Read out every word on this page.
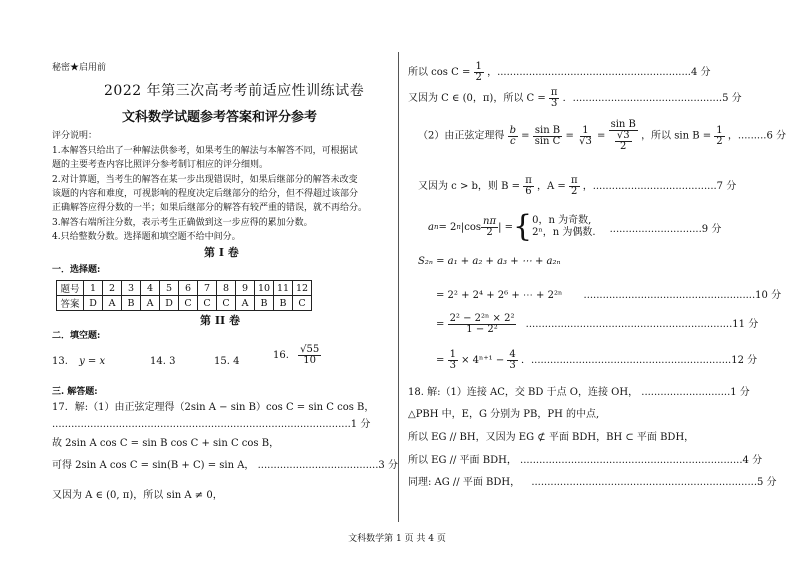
秘密★启用前
2022 年第三次高考考前适应性训练试卷
文科数学试题参考答案和评分参考
评分说明：
1.本解答只给出了一种解法供参考，如果考生的解法与本解答不同，可根据试
题的主要考查内容比照评分参考制订相应的评分细则。
2.对计算题，当考生的解答在某一步出现错误时，如果后继部分的解答未改变
该题的内容和难度，可视影响的程度决定后继部分的给分，但不得超过该部分
正确解答应得分数的一半；如果后继部分的解答有较严重的错误，就不再给分。
3.解答右端所注分数，表示考生正确做到这一步应得的累加分数。
4.只给整数分数。选择题和填空题不给中间分。
第 I 卷
一．选择题:
题号	1	2	3	4	5	6	7	8	9	10	11	12
答案	D	A	B	A	D	C	C	C	A	B	B	C
第 II 卷
二．填空题:
13. y = x	14. 3	15. 4
16. $\frac{√55}{10}$
三. 解答题:
17．解:（1）由正弦定理得（2sin A − sin B）cos C = sin C cos B，
..............................................................................................1 分
故 2sin A cos C = sin B cos C + sin C cos B，
可得 2sin A cos C = sin(B + C) = sin A， ......................................3 分
又因为 A ∈ (0, π)，所以 sin A ≠ 0，
所以 $\cos C = \frac{1}{2}$ ，.............................................................4 分
又因为 C ∈ (0，π)，所以 $C = \frac{\pi}{3}$ ．...............................................5 分
（2）由正弦定理得 $\frac{b}{c} = \frac{\text{sin B}}{\text{sin C}} = \frac{1}{√3} = \frac{\text{sin B}}{\frac{√3}{2}}$ ，所以 $\sin B = \frac{1}{2}$ ，.........6 分
又因为 c > b，则 $B = \frac{\pi}{6}$ ，$A = \frac{\pi}{2}$ ，.......................................7 分
a n = 2 n $|\cos \frac{n\pi}{2}$ | = { 0，n 为奇数,
2ⁿ，n 为偶数. .............................9 分
S₂ₙ = a₁ + a₂ + a₃ + ⋯ + a₂ₙ
= 2² + 2⁴ + 2⁶ + ⋯ + 2²ⁿ ......................................................10 分
= $\frac{\text{2² − 2²ⁿ × 2²}}{\text{1 − 2²}} .................................................................11$ 分
= $\frac{1}{3} \times 4^{n+1} - \frac{4}{3}$ ．...............................................................12 分
18. 解:（1）连接 AC，交 BD 于点 O，连接 OH， ............................1 分
△PBH 中，E，G 分别为 PB，PH 的中点,
所以 EG // BH，又因为 EG ⊄ 平面 BDH，BH ⊂ 平面 BDH，
所以 EG // 平面 BDH， ......................................................................4 分
同理: AG // 平面 BDH， .......................................................................5 分
文科数学第 1 页 共 4 页
